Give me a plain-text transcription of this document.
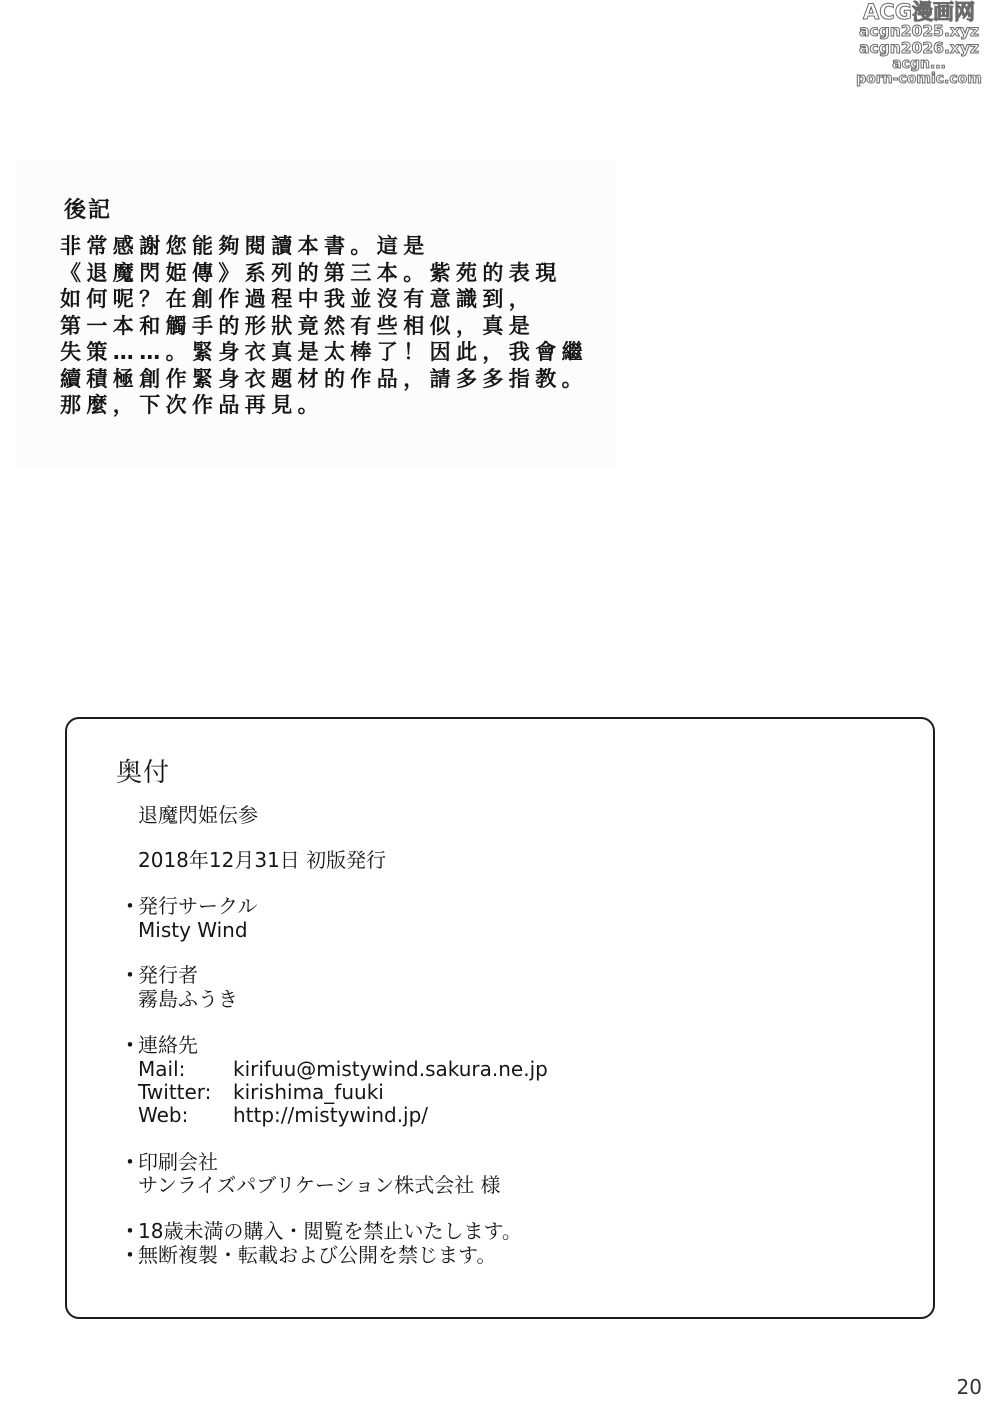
ACG漫画网
acgn2025.xyz
acgn2026.xyz
acgn...
porn-comic.com
後記
非常感謝您能夠閱讀本書。這是
《退魔閃姫傳》系列的第三本。紫苑的表現
如何呢？在創作過程中我並沒有意識到，
第一本和觸手的形狀竟然有些相似，真是
失策……。緊身衣真是太棒了！因此，我會繼
續積極創作緊身衣題材的作品，請多多指教。
那麼，下次作品再見。
奥付
退魔閃姫伝参
2018年12月31日 初版発行
・発行サークル
Misty Wind
・発行者
霧島ふうき
・連絡先
Mail: kirifuu@mistywind.sakura.ne.jp
Twitter: kirishima_fuuki
Web: http://mistywind.jp/
・印刷会社
サンライズパブリケーション株式会社 様
・18歳未満の購入・閲覧を禁止いたします。
・無断複製・転載および公開を禁じます。
20
